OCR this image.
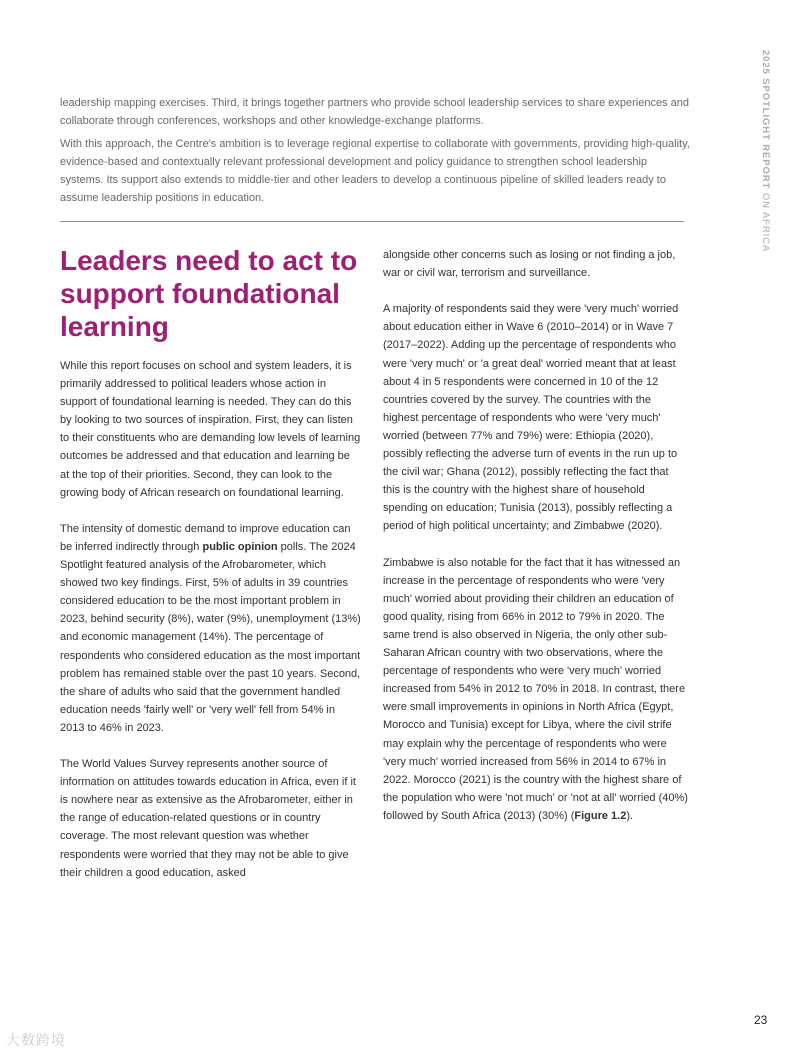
2025 SPOTLIGHT REPORT ON AFRICA

leadership mapping exercises. Third, it brings together partners who provide school leadership services to share experiences and collaborate through conferences, workshops and other knowledge-exchange platforms.

With this approach, the Centre's ambition is to leverage regional expertise to collaborate with governments, providing high-quality, evidence-based and contextually relevant professional development and policy guidance to strengthen school leadership systems. Its support also extends to middle-tier and other leaders to develop a continuous pipeline of skilled leaders ready to assume leadership positions in education.

Leaders need to act to support foundational learning

While this report focuses on school and system leaders, it is primarily addressed to political leaders whose action in support of foundational learning is needed. They can do this by looking to two sources of inspiration. First, they can listen to their constituents who are demanding low levels of learning outcomes be addressed and that education and learning be at the top of their priorities. Second, they can look to the growing body of African research on foundational learning.

The intensity of domestic demand to improve education can be inferred indirectly through public opinion polls. The 2024 Spotlight featured analysis of the Afrobarometer, which showed two key findings. First, 5% of adults in 39 countries considered education to be the most important problem in 2023, behind security (8%), water (9%), unemployment (13%) and economic management (14%). The percentage of respondents who considered education as the most important problem has remained stable over the past 10 years. Second, the share of adults who said that the government handled education needs 'fairly well' or 'very well' fell from 54% in 2013 to 46% in 2023.

The World Values Survey represents another source of information on attitudes towards education in Africa, even if it is nowhere near as extensive as the Afrobarometer, either in the range of education-related questions or in country coverage. The most relevant question was whether respondents were worried that they may not be able to give their children a good education, asked

alongside other concerns such as losing or not finding a job, war or civil war, terrorism and surveillance.

A majority of respondents said they were 'very much' worried about education either in Wave 6 (2010–2014) or in Wave 7 (2017–2022). Adding up the percentage of respondents who were 'very much' or 'a great deal' worried meant that at least about 4 in 5 respondents were concerned in 10 of the 12 countries covered by the survey. The countries with the highest percentage of respondents who were 'very much' worried (between 77% and 79%) were: Ethiopia (2020), possibly reflecting the adverse turn of events in the run up to the civil war; Ghana (2012), possibly reflecting the fact that this is the country with the highest share of household spending on education; Tunisia (2013), possibly reflecting a period of high political uncertainty; and Zimbabwe (2020).

Zimbabwe is also notable for the fact that it has witnessed an increase in the percentage of respondents who were 'very much' worried about providing their children an education of good quality, rising from 66% in 2012 to 79% in 2020. The same trend is also observed in Nigeria, the only other sub-Saharan African country with two observations, where the percentage of respondents who were 'very much' worried increased from 54% in 2012 to 70% in 2018. In contrast, there were small improvements in opinions in North Africa (Egypt, Morocco and Tunisia) except for Libya, where the civil strife may explain why the percentage of respondents who were 'very much' worried increased from 56% in 2014 to 67% in 2022. Morocco (2021) is the country with the highest share of the population who were 'not much' or 'not at all' worried (40%) followed by South Africa (2013) (30%) (Figure 1.2).

23
大数跨境
